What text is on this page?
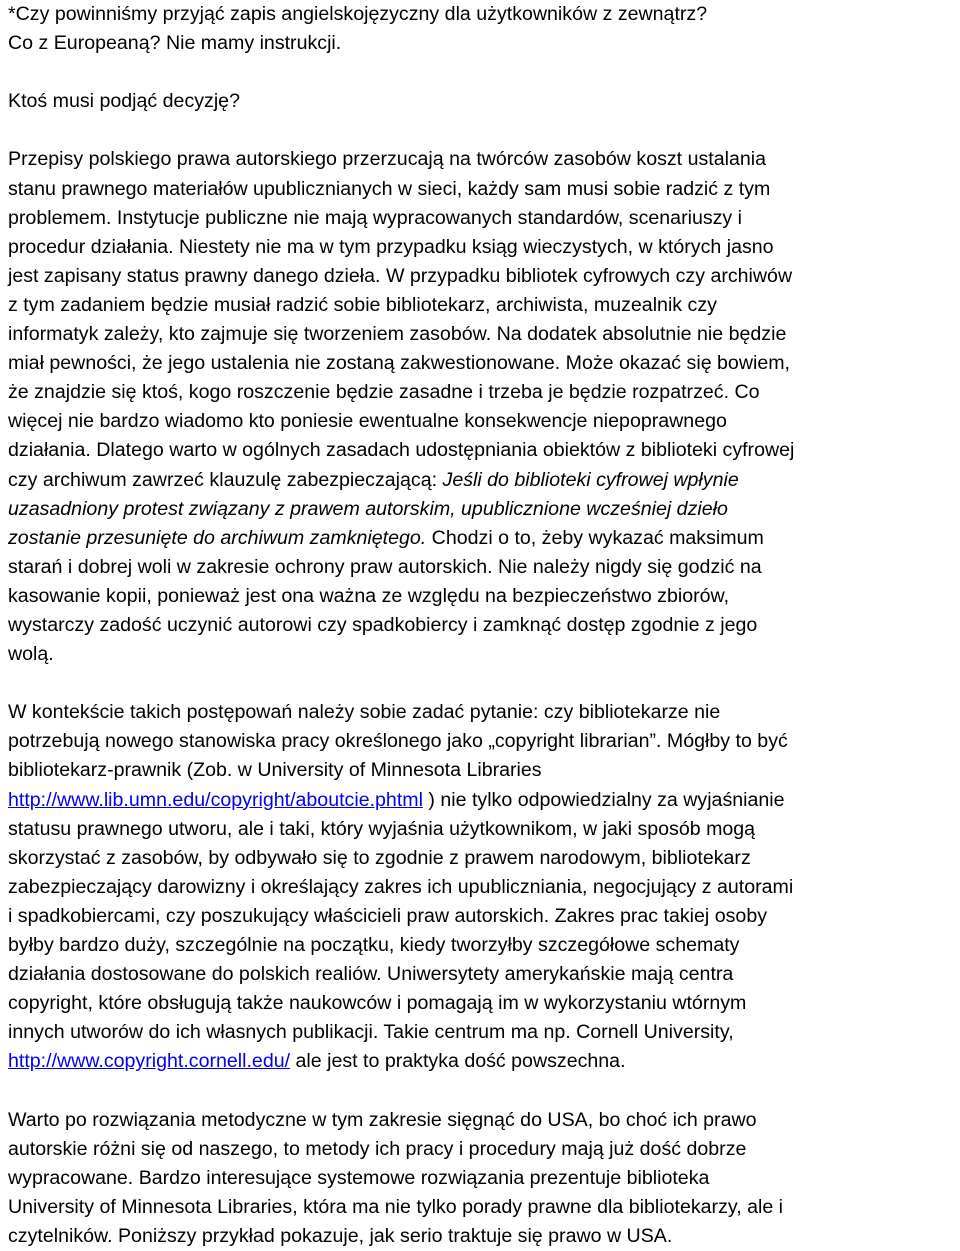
*Czy powinniśmy przyjąć zapis angielskojęzyczny dla użytkowników z zewnątrz?

Co z Europeaną? Nie mamy instrukcji.

Ktoś musi podjąć decyzję?

Przepisy polskiego prawa autorskiego przerzucają na twórców zasobów koszt ustalania

stanu prawnego materiałów upublicznianych w sieci, każdy sam musi sobie radzić z tym

problemem. Instytucje publiczne nie mają wypracowanych standardów, scenariuszy i

procedur działania. Niestety nie ma w tym przypadku ksiąg wieczystych, w których jasno

jest zapisany status prawny danego dzieła. W przypadku bibliotek cyfrowych czy archiwów

z tym zadaniem będzie musiał radzić sobie bibliotekarz, archiwista, muzealnik czy

informatyk zależy, kto zajmuje się tworzeniem zasobów. Na dodatek absolutnie nie będzie

miał pewności, że jego ustalenia nie zostaną zakwestionowane. Może okazać się bowiem,

że znajdzie się ktoś, kogo roszczenie będzie zasadne i trzeba je będzie rozpatrzeć. Co

więcej nie bardzo wiadomo kto poniesie ewentualne konsekwencje niepoprawnego

działania. Dlatego warto w ogólnych zasadach udostępniania obiektów z biblioteki cyfrowej

czy archiwum zawrzeć klauzulę zabezpieczającą: Jeśli do biblioteki cyfrowej wpłynie

uzasadniony protest związany z prawem autorskim, upublicznione wcześniej dzieło

zostanie przesunięte do archiwum zamkniętego. Chodzi o to, żeby wykazać maksimum

starań i dobrej woli w zakresie ochrony praw autorskich. Nie należy nigdy się godzić na

kasowanie kopii, ponieważ jest ona ważna ze względu na bezpieczeństwo zbiorów,

wystarczy zadość uczynić autorowi czy spadkobiercy i zamknąć dostęp zgodnie z jego

wolą.

W kontekście takich postępowań należy sobie zadać pytanie: czy bibliotekarze nie

potrzebują nowego stanowiska pracy określonego jako „copyright librarian”. Mógłby to być

bibliotekarz-prawnik (Zob. w University of Minnesota Libraries

http://www.lib.umn.edu/copyright/aboutcie.phtml ) nie tylko odpowiedzialny za wyjaśnianie

statusu prawnego utworu, ale i taki, który wyjaśnia użytkownikom, w jaki sposób mogą

skorzystać z zasobów, by odbywało się to zgodnie z prawem narodowym, bibliotekarz

zabezpieczający darowizny i określający zakres ich upubliczniania, negocjujący z autorami

i spadkobiercami, czy poszukujący właścicieli praw autorskich. Zakres prac takiej osoby

byłby bardzo duży, szczególnie na początku, kiedy tworzyłby szczegółowe schematy

działania dostosowane do polskich realiów. Uniwersytety amerykańskie mają centra

copyright, które obsługują także naukowców i pomagają im w wykorzystaniu wtórnym

innych utworów do ich własnych publikacji. Takie centrum ma np. Cornell University,

http://www.copyright.cornell.edu/ ale jest to praktyka dość powszechna.

Warto po rozwiązania metodyczne w tym zakresie sięgnąć do USA, bo choć ich prawo

autorskie różni się od naszego, to metody ich pracy i procedury mają już dość dobrze

wypracowane. Bardzo interesujące systemowe rozwiązania prezentuje biblioteka

University of Minnesota Libraries, która ma nie tylko porady prawne dla bibliotekarzy, ale i

czytelników. Poniższy przykład pokazuje, jak serio traktuje się prawo w USA.
